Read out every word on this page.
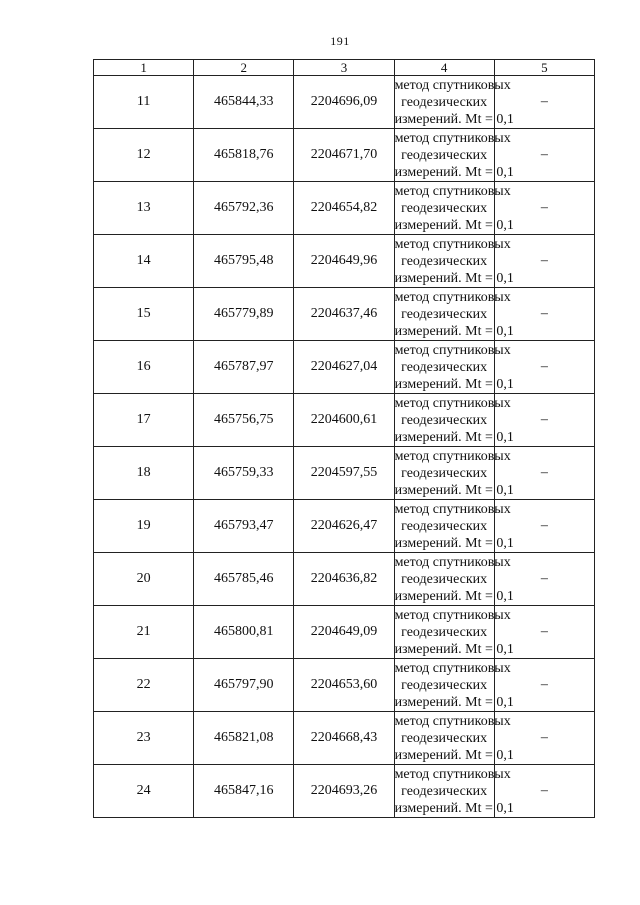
191
1	2	3	4	5
11	465844,33	2204696,09	метод спутниковых
геодезических
измерений. Mt = 0,1	–
12	465818,76	2204671,70	метод спутниковых
геодезических
измерений. Mt = 0,1	–
13	465792,36	2204654,82	метод спутниковых
геодезических
измерений. Mt = 0,1	–
14	465795,48	2204649,96	метод спутниковых
геодезических
измерений. Mt = 0,1	–
15	465779,89	2204637,46	метод спутниковых
геодезических
измерений. Mt = 0,1	–
16	465787,97	2204627,04	метод спутниковых
геодезических
измерений. Mt = 0,1	–
17	465756,75	2204600,61	метод спутниковых
геодезических
измерений. Mt = 0,1	–
18	465759,33	2204597,55	метод спутниковых
геодезических
измерений. Mt = 0,1	–
19	465793,47	2204626,47	метод спутниковых
геодезических
измерений. Mt = 0,1	–
20	465785,46	2204636,82	метод спутниковых
геодезических
измерений. Mt = 0,1	–
21	465800,81	2204649,09	метод спутниковых
геодезических
измерений. Mt = 0,1	–
22	465797,90	2204653,60	метод спутниковых
геодезических
измерений. Mt = 0,1	–
23	465821,08	2204668,43	метод спутниковых
геодезических
измерений. Mt = 0,1	–
24	465847,16	2204693,26	метод спутниковых
геодезических
измерений. Mt = 0,1	–
